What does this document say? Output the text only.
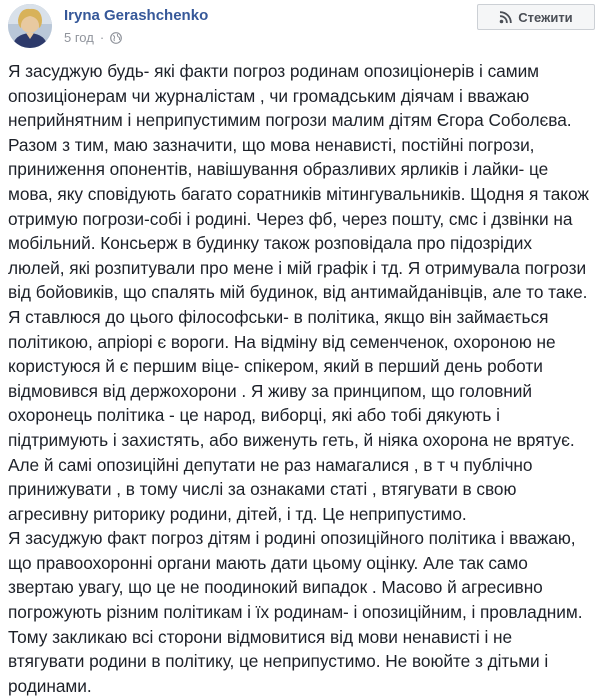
Iryna Gerashchenko
5 год ·
Стежити
Я засуджую будь- які факти погроз родинам опозиціонерів і самим
опозиціонерам чи журналістам , чи громадським діячам і вважаю
неприйнятним і неприпустимим погрози малим дітям Єгора Соболєва.
Разом з тим, маю зазначити, що мова ненависті, постійні погрози,
приниження опонентів, навішування образливих ярликів і лайки- це
мова, яку сповідують багато соратників мітингувальників. Щодня я також
отримую погрози-собі і родині. Через фб, через пошту, смс і дзвінки на
мобільний. Консьерж в будинку також розповідала про підозрідих
люлей, які розпитували про мене і мій графік і тд. Я отримувала погрози
від бойовиків, що спалять мій будинок, від антимайданівців, але то таке.
Я ставлюся до цього філософськи- в політика, якщо він займається
політикою, апріорі є вороги. На відміну від семенченок, охороною не
користуюся й є першим віце- спікером, який в перший день роботи
відмовився від держохорони . Я живу за принципом, що головний
охоронець політика - це народ, виборці, які або тобі дякують і
підтримують і захистять, або виженуть геть, й ніяка охорона не врятує.
Але й самі опозиційні депутати не раз намагалися , в т ч публічно
принижувати , в тому числі за ознаками статі , втягувати в свою
агресивну риторику родини, дітей, і тд. Це неприпустимо.
Я засуджую факт погроз дітям і родині опозиційного політика і вважаю,
що правоохоронні органи мають дати цьому оцінку. Але так само
звертаю увагу, що це не поодинокий випадок . Масово й агресивно
погрожують різним політикам і їх родинам- і опозиційним, і провладним.
Тому закликаю всі сторони відмовитися від мови ненависті і не
втягувати родини в політику, це неприпустимо. Не воюйте з дітьми і
родинами.
